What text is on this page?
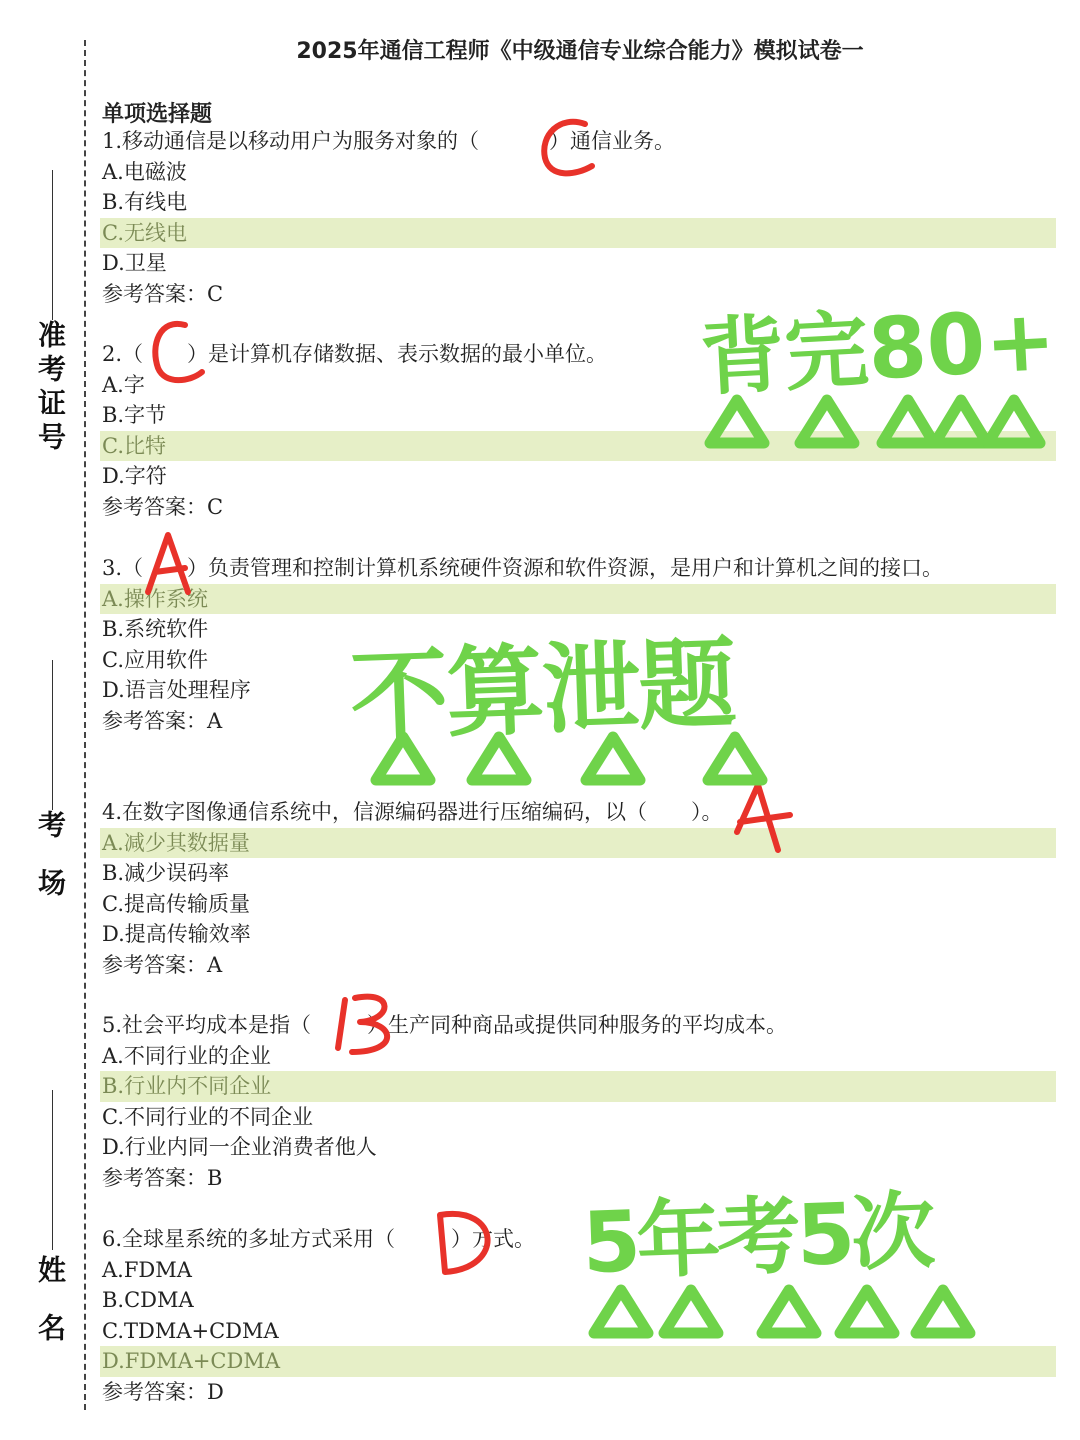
准考证号
考场
姓名
2025年通信工程师《中级通信专业综合能力》模拟试卷一
单项选择题
1.移动通信是以移动用户为服务对象的（	）通信业务。
A.电磁波
B.有线电
C.无线电
D.卫星
参考答案：C
2.（ ）是计算机存储数据、表示数据的最小单位。
A.字
B.字节
C.比特
D.字符
参考答案：C
3.（ ）负责管理和控制计算机系统硬件资源和软件资源，是用户和计算机之间的接口。
A.操作系统
B.系统软件
C.应用软件
D.语言处理程序
参考答案：A
4.在数字图像通信系统中，信源编码器进行压缩编码，以（ ）。
A.减少其数据量
B.减少误码率
C.提高传输质量
D.提高传输效率
参考答案：A
5.社会平均成本是指（	）生产同种商品或提供同种服务的平均成本。
A.不同行业的企业
B.行业内不同企业
C.不同行业的不同企业
D.行业内同一企业消费者他人
参考答案：B
6.全球星系统的多址方式采用（	）方式。
A.FDMA
B.CDMA
C.TDMA+CDMA
D.FDMA+CDMA
参考答案：D
背完80+
不算泄题
5年考5次
